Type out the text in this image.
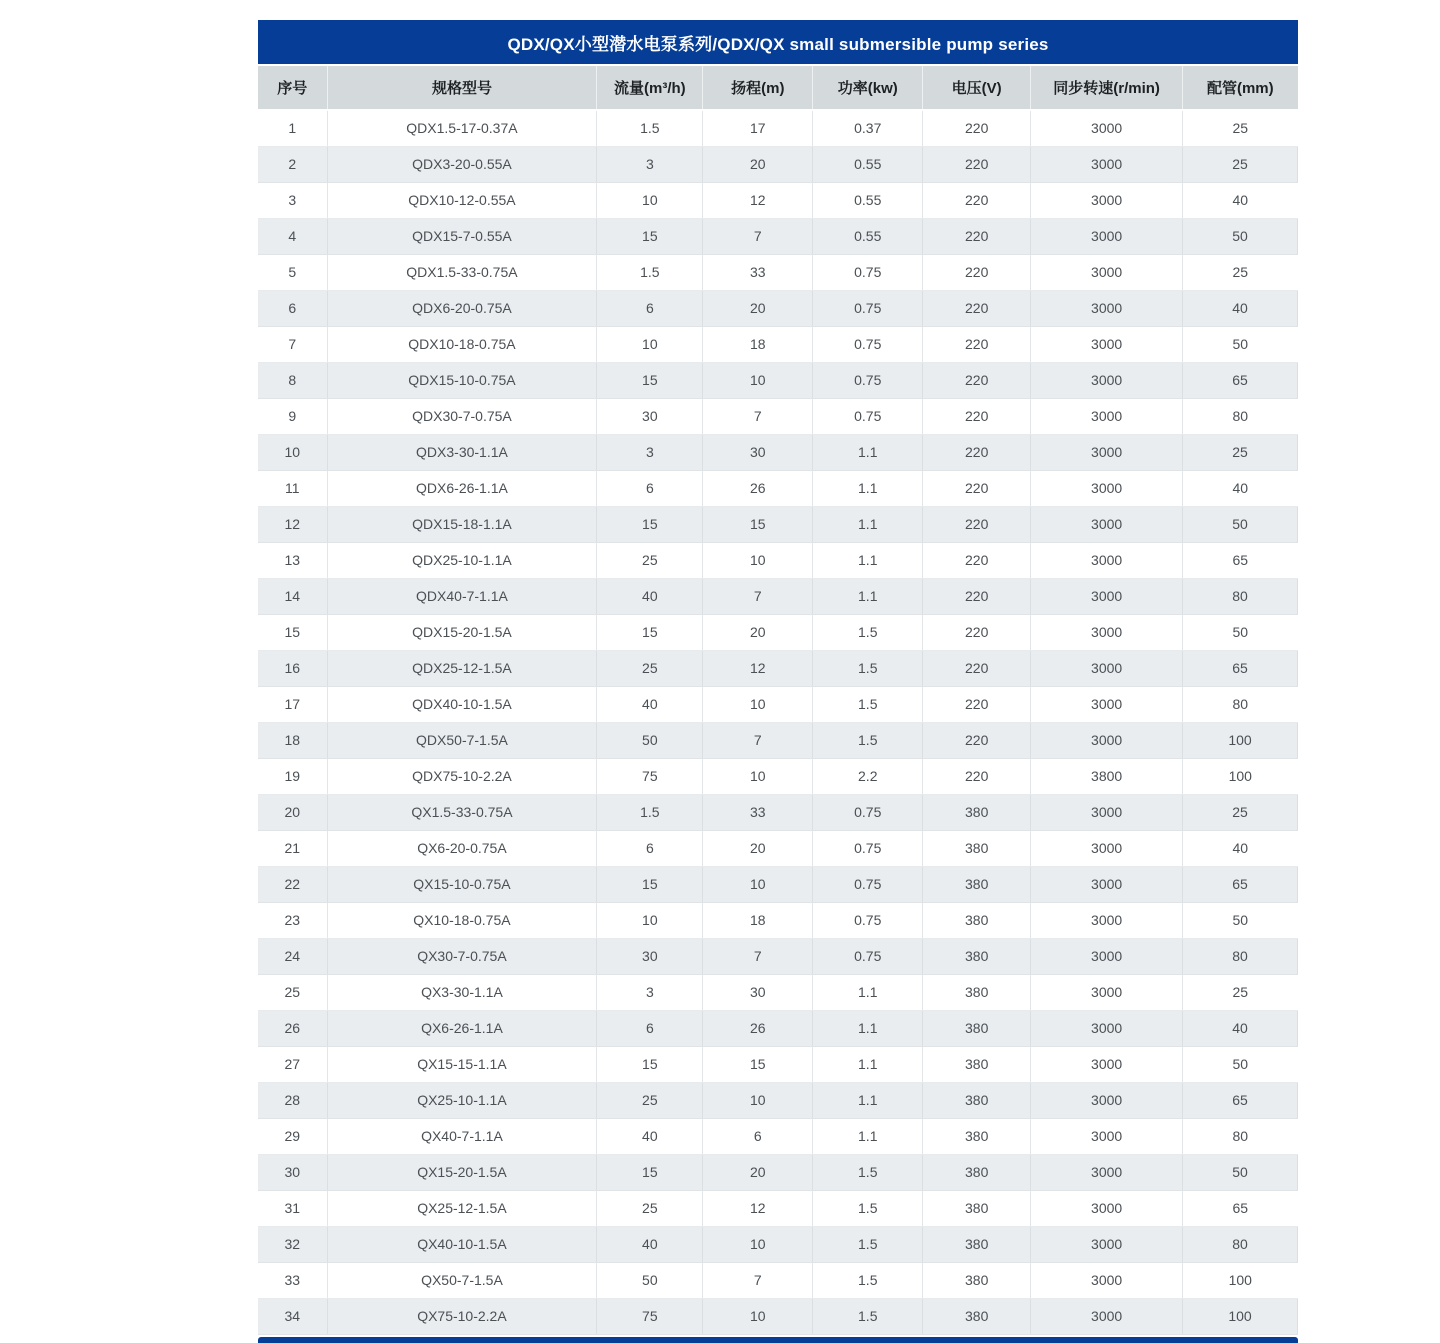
QDX/QX小型潜水电泵系列/QDX/QX small submersible pump series
序号	规格型号	流量(m³/h)	扬程(m)	功率(kw)	电压(V)	同步转速(r/min)	配管(mm)
1	QDX1.5-17-0.37A	1.5	17	0.37	220	3000	25
2	QDX3-20-0.55A	3	20	0.55	220	3000	25
3	QDX10-12-0.55A	10	12	0.55	220	3000	40
4	QDX15-7-0.55A	15	7	0.55	220	3000	50
5	QDX1.5-33-0.75A	1.5	33	0.75	220	3000	25
6	QDX6-20-0.75A	6	20	0.75	220	3000	40
7	QDX10-18-0.75A	10	18	0.75	220	3000	50
8	QDX15-10-0.75A	15	10	0.75	220	3000	65
9	QDX30-7-0.75A	30	7	0.75	220	3000	80
10	QDX3-30-1.1A	3	30	1.1	220	3000	25
11	QDX6-26-1.1A	6	26	1.1	220	3000	40
12	QDX15-18-1.1A	15	15	1.1	220	3000	50
13	QDX25-10-1.1A	25	10	1.1	220	3000	65
14	QDX40-7-1.1A	40	7	1.1	220	3000	80
15	QDX15-20-1.5A	15	20	1.5	220	3000	50
16	QDX25-12-1.5A	25	12	1.5	220	3000	65
17	QDX40-10-1.5A	40	10	1.5	220	3000	80
18	QDX50-7-1.5A	50	7	1.5	220	3000	100
19	QDX75-10-2.2A	75	10	2.2	220	3800	100
20	QX1.5-33-0.75A	1.5	33	0.75	380	3000	25
21	QX6-20-0.75A	6	20	0.75	380	3000	40
22	QX15-10-0.75A	15	10	0.75	380	3000	65
23	QX10-18-0.75A	10	18	0.75	380	3000	50
24	QX30-7-0.75A	30	7	0.75	380	3000	80
25	QX3-30-1.1A	3	30	1.1	380	3000	25
26	QX6-26-1.1A	6	26	1.1	380	3000	40
27	QX15-15-1.1A	15	15	1.1	380	3000	50
28	QX25-10-1.1A	25	10	1.1	380	3000	65
29	QX40-7-1.1A	40	6	1.1	380	3000	80
30	QX15-20-1.5A	15	20	1.5	380	3000	50
31	QX25-12-1.5A	25	12	1.5	380	3000	65
32	QX40-10-1.5A	40	10	1.5	380	3000	80
33	QX50-7-1.5A	50	7	1.5	380	3000	100
34	QX75-10-2.2A	75	10	1.5	380	3000	100
